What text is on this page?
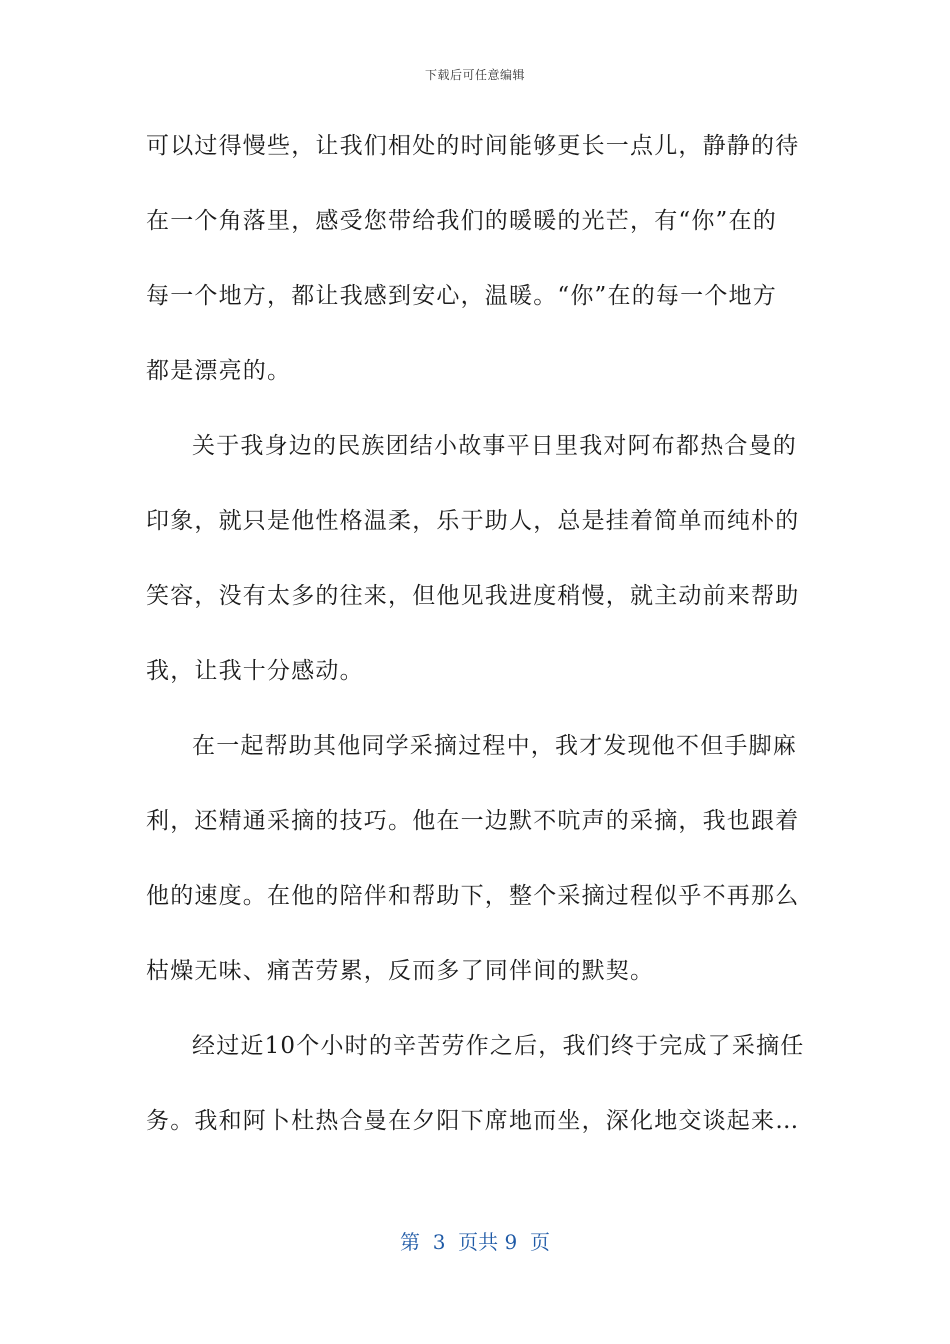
下载后可任意编辑
可以过得慢些，让我们相处的时间能够更长一点儿，静静的待
在一个角落里，感受您带给我们的暖暖的光芒，有“你”在的
每一个地方，都让我感到安心，温暖。“你”在的每一个地方
都是漂亮的。
关于我身边的民族团结小故事平日里我对阿布都热合曼的
印象，就只是他性格温柔，乐于助人，总是挂着简单而纯朴的
笑容，没有太多的往来，但他见我进度稍慢，就主动前来帮助
我，让我十分感动。
在一起帮助其他同学采摘过程中，我才发现他不但手脚麻
利，还精通采摘的技巧。他在一边默不吭声的采摘，我也跟着
他的速度。在他的陪伴和帮助下，整个采摘过程似乎不再那么
枯燥无味、痛苦劳累，反而多了同伴间的默契。
经过近10个小时的辛苦劳作之后，我们终于完成了采摘任
务。我和阿卜杜热合曼在夕阳下席地而坐，深化地交谈起来…
第  3  页共 9  页
